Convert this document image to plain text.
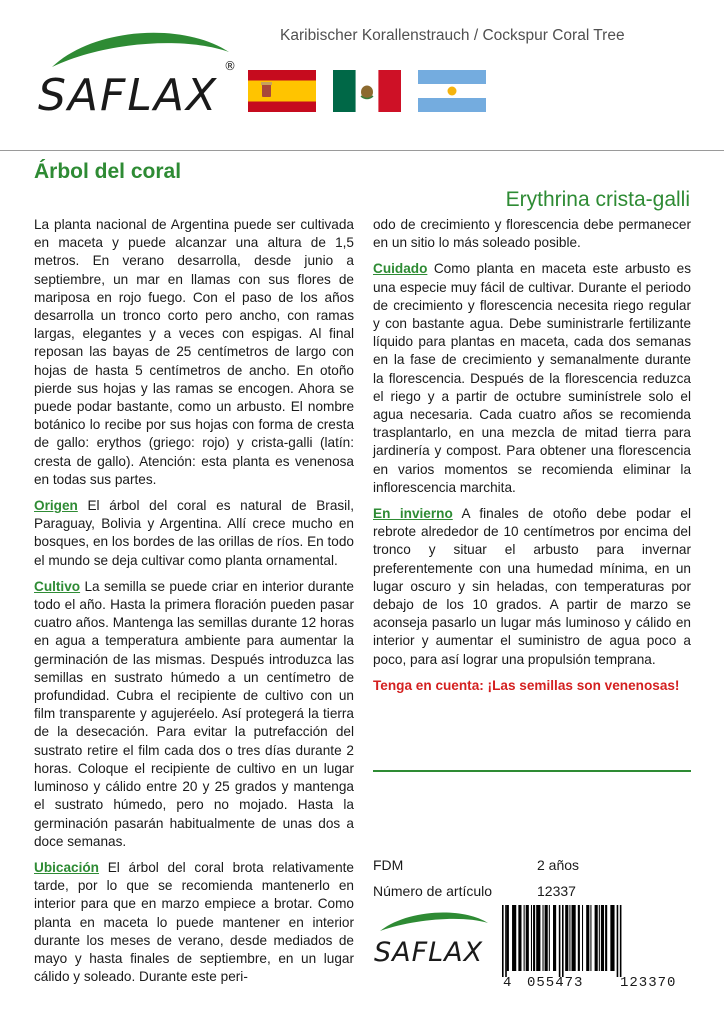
SAFLAX
®
Karibischer Korallenstrauch / Cockspur Coral Tree
Árbol del coral
Erythrina crista-galli

La planta nacional de Argentina puede ser cultivada en maceta y puede alcanzar una altura de 1,5 metros. En verano desarrolla, desde junio a septiembre, un mar en llamas con sus flores de mariposa en rojo fuego. Con el paso de los años desarrolla un tronco corto pero ancho, con ramas largas, elegantes y a veces con espigas. Al final reposan las bayas de 25 centímetros de largo con hojas de hasta 5 centímetros de ancho. En otoño pierde sus hojas y las ramas se encogen. Ahora se puede podar bastante, como un arbusto. El nombre botánico lo recibe por sus hojas con forma de cresta de gallo: erythos (griego: rojo) y crista-galli (latín: cresta de gallo). Atención: esta planta es venenosa en todas sus partes.

Origen El árbol del coral es natural de Brasil, Paraguay, Bolivia y Argentina. Allí crece mucho en bosques, en los bordes de las orillas de ríos. En todo el mundo se deja cultivar como planta ornamental.

Cultivo La semilla se puede criar en interior durante todo el año. Hasta la primera floración pueden pasar cuatro años. Mantenga las semillas durante 12 horas en agua a temperatura ambiente para aumentar la germinación de las mismas. Después introduzca las semillas en sustrato húmedo a un centímetro de profundidad. Cubra el recipiente de cultivo con un film transparente y agujeréelo. Así protegerá la tierra de la desecación. Para evitar la putrefacción del sustrato retire el film cada dos o tres días durante 2 horas. Coloque el recipiente de cultivo en un lugar luminoso y cálido entre 20 y 25 grados y mantenga el sustrato húmedo, pero no mojado. Hasta la germinación pasarán habitualmente de unas dos a doce semanas.

Ubicación El árbol del coral brota relativamente tarde, por lo que se recomienda mantenerlo en interior para que en marzo empiece a brotar. Como planta en maceta lo puede mantener en interior durante los meses de verano, desde mediados de mayo y hasta finales de septiembre, en un lugar cálido y soleado. Durante este peri-

odo de crecimiento y florescencia debe permanecer en un sitio lo más soleado posible.

Cuidado Como planta en maceta este arbusto es una especie muy fácil de cultivar. Durante el periodo de crecimiento y florescencia necesita riego regular y con bastante agua. Debe suministrarle fertilizante líquido para plantas en maceta, cada dos semanas en la fase de crecimiento y semanalmente durante la florescencia. Después de la florescencia reduzca el riego y a partir de octubre suminístrele solo el agua necesaria. Cada cuatro años se recomienda trasplantarlo, en una mezcla de mitad tierra para jardinería y compost. Para obtener una florescencia en varios momentos se recomienda eliminar la inflorescencia marchita.

En invierno A finales de otoño debe podar el rebrote alrededor de 10 centímetros por encima del tronco y situar el arbusto para invernar preferentemente con una humedad mínima, en un lugar oscuro y sin heladas, con temperaturas por debajo de los 10 grados. A partir de marzo se aconseja pasarlo un lugar más luminoso y cálido en interior y aumentar el suministro de agua poco a poco, para así lograr una propulsión temprana.

Tenga en cuenta: ¡Las semillas son venenosas!
FDM	2 años
Número de artículo	12337
SAFLAX
4 055473	123370
